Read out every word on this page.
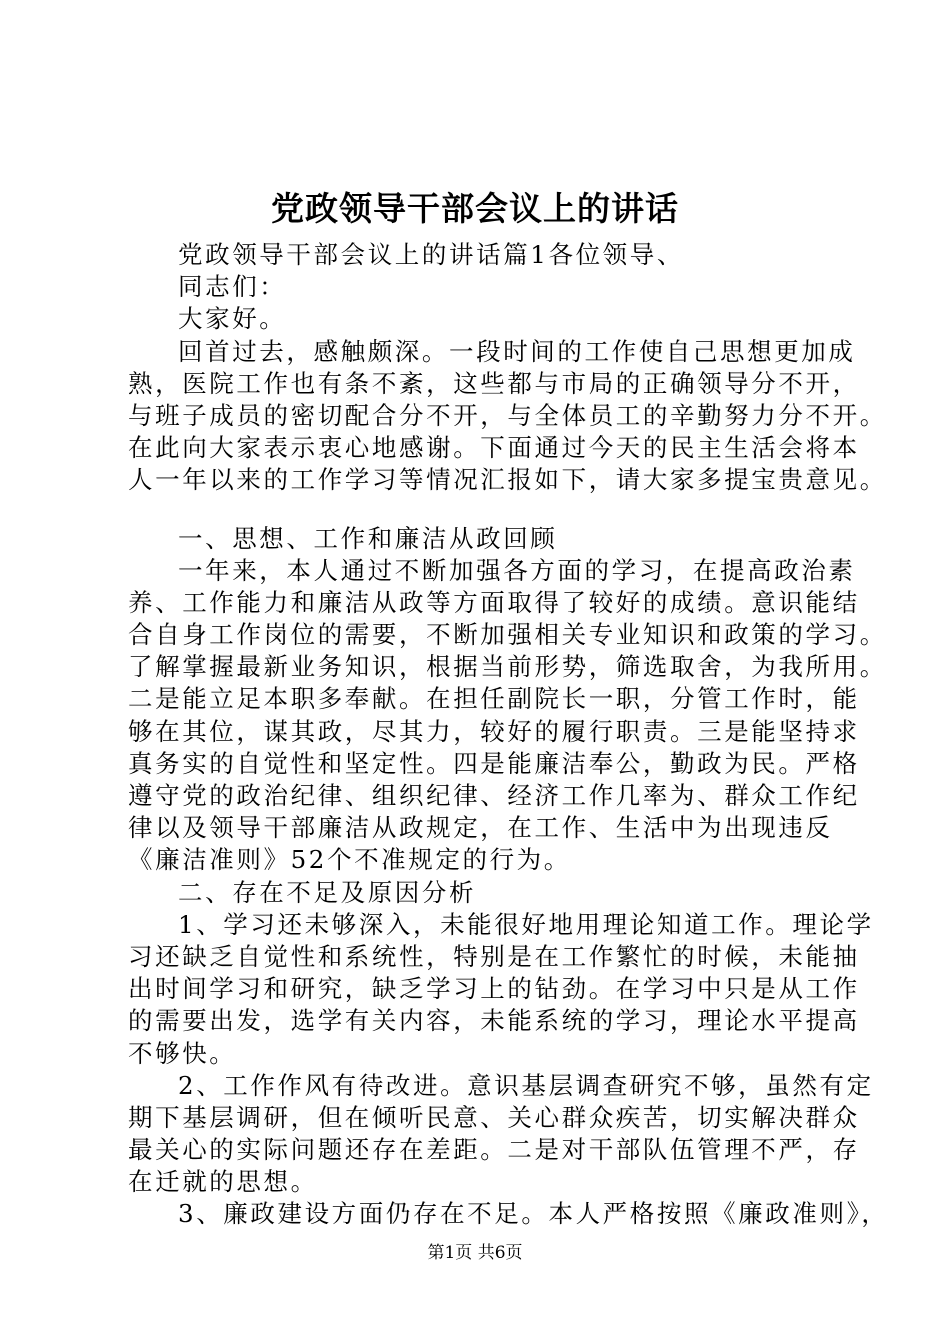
党政领导干部会议上的讲话
党政领导干部会议上的讲话篇1各位领导、
同志们：
大家好。
回首过去，感触颇深。一段时间的工作使自己思想更加成
熟，医院工作也有条不紊，这些都与市局的正确领导分不开，
与班子成员的密切配合分不开，与全体员工的辛勤努力分不开。
在此向大家表示衷心地感谢。下面通过今天的民主生活会将本
人一年以来的工作学习等情况汇报如下，请大家多提宝贵意见。
一、思想、工作和廉洁从政回顾
一年来，本人通过不断加强各方面的学习，在提高政治素
养、工作能力和廉洁从政等方面取得了较好的成绩。意识能结
合自身工作岗位的需要，不断加强相关专业知识和政策的学习。
了解掌握最新业务知识，根据当前形势，筛选取舍，为我所用。
二是能立足本职多奉献。在担任副院长一职，分管工作时，能
够在其位，谋其政，尽其力，较好的履行职责。三是能坚持求
真务实的自觉性和坚定性。四是能廉洁奉公，勤政为民。严格
遵守党的政治纪律、组织纪律、经济工作几率为、群众工作纪
律以及领导干部廉洁从政规定，在工作、生活中为出现违反
《廉洁准则》52个不准规定的行为。
二、存在不足及原因分析
1、学习还未够深入，未能很好地用理论知道工作。理论学
习还缺乏自觉性和系统性，特别是在工作繁忙的时候，未能抽
出时间学习和研究，缺乏学习上的钻劲。在学习中只是从工作
的需要出发，选学有关内容，未能系统的学习，理论水平提高
不够快。
2、工作作风有待改进。意识基层调查研究不够，虽然有定
期下基层调研，但在倾听民意、关心群众疾苦，切实解决群众
最关心的实际问题还存在差距。二是对干部队伍管理不严，存
在迁就的思想。
3、廉政建设方面仍存在不足。本人严格按照《廉政准则》，
第1页 共6页
